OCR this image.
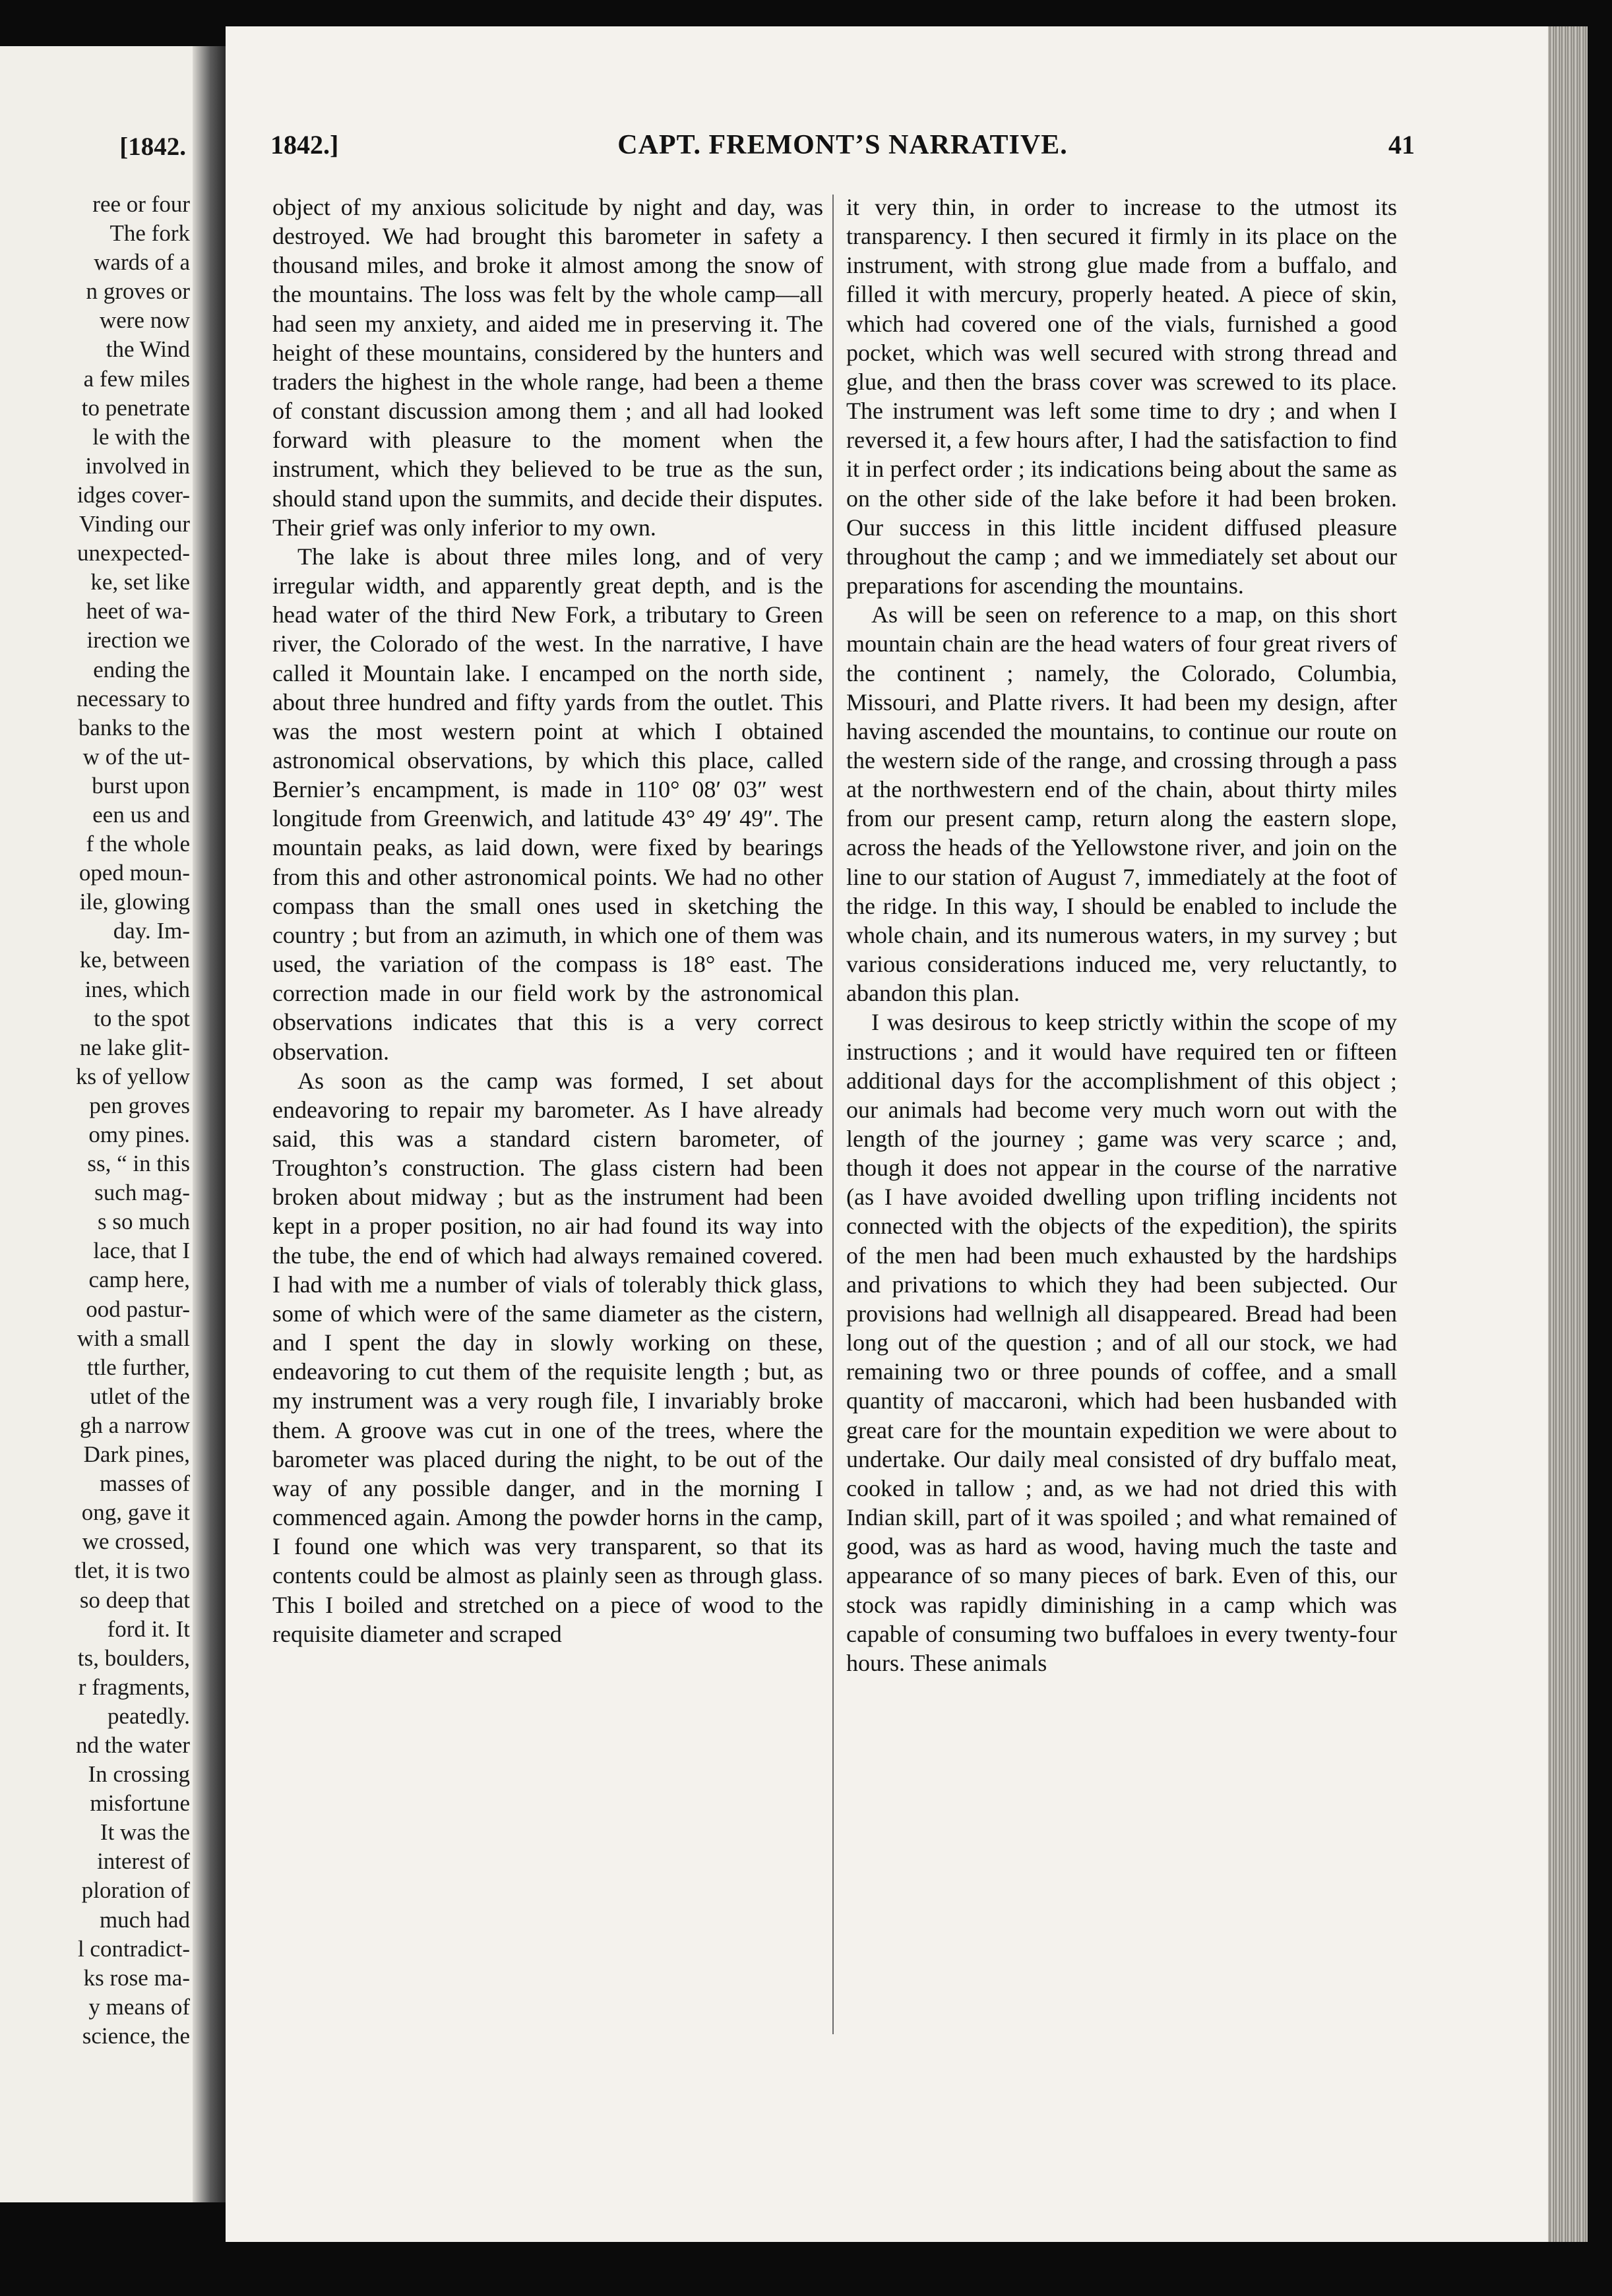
[1842.
ree or four
The fork
wards of a
n groves or
were now
the Wind
a few miles
to penetrate
le with the
involved in
idges cover-
Vinding our
unexpected-
ke, set like
heet of wa-
irection we
ending the
necessary to
banks to the
w of the ut-
burst upon
een us and
f the whole
oped moun-
ile, glowing
day. Im-
ke, between
ines, which
to the spot
ne lake glit-
ks of yellow
pen groves
omy pines.
ss, “ in this
such mag-
s so much
lace, that I
camp here,
ood pastur-
with a small
ttle further,
utlet of the
gh a narrow
Dark pines,
masses of
ong, gave it
we crossed,
tlet, it is two
so deep that
ford it. It
ts, boulders,
r fragments,
peatedly.
nd the water
In crossing
misfortune
It was the
interest of
ploration of
much had
l contradict-
ks rose ma-
y means of
science, the
1842.]	CAPT. FREMONT’S NARRATIVE.	41

object of my anxious solicitude by night and day, was destroyed. We had brought this barometer in safety a thousand miles, and broke it almost among the snow of the mountains. The loss was felt by the whole camp—all had seen my anxiety, and aided me in preserving it. The height of these mountains, considered by the hunters and traders the highest in the whole range, had been a theme of constant discussion among them ; and all had looked forward with pleasure to the moment when the instrument, which they believed to be true as the sun, should stand upon the summits, and decide their disputes. Their grief was only inferior to my own.

The lake is about three miles long, and of very irregular width, and apparently great depth, and is the head water of the third New Fork, a tributary to Green river, the Colorado of the west. In the narrative, I have called it Mountain lake. I encamped on the north side, about three hundred and fifty yards from the outlet. This was the most western point at which I obtained astronomical observations, by which this place, called Bernier’s encampment, is made in 110° 08′ 03″ west longitude from Greenwich, and latitude 43° 49′ 49″. The mountain peaks, as laid down, were fixed by bearings from this and other astronomical points. We had no other compass than the small ones used in sketching the country ; but from an azimuth, in which one of them was used, the variation of the compass is 18° east. The correction made in our field work by the astronomical observations indicates that this is a very correct observation.

As soon as the camp was formed, I set about endeavoring to repair my barometer. As I have already said, this was a standard cistern barometer, of Troughton’s construction. The glass cistern had been broken about midway ; but as the instrument had been kept in a proper position, no air had found its way into the tube, the end of which had always remained covered. I had with me a number of vials of tolerably thick glass, some of which were of the same diameter as the cistern, and I spent the day in slowly working on these, endeavoring to cut them of the requisite length ; but, as my instrument was a very rough file, I invariably broke them. A groove was cut in one of the trees, where the barometer was placed during the night, to be out of the way of any possible danger, and in the morning I commenced again. Among the powder horns in the camp, I found one which was very transparent, so that its contents could be almost as plainly seen as through glass. This I boiled and stretched on a piece of wood to the requisite diameter and scraped

it very thin, in order to increase to the utmost its transparency. I then secured it firmly in its place on the instrument, with strong glue made from a buffalo, and filled it with mercury, properly heated. A piece of skin, which had covered one of the vials, furnished a good pocket, which was well secured with strong thread and glue, and then the brass cover was screwed to its place. The instrument was left some time to dry ; and when I reversed it, a few hours after, I had the satisfaction to find it in perfect order ; its indications being about the same as on the other side of the lake before it had been broken. Our success in this little incident diffused pleasure throughout the camp ; and we immediately set about our preparations for ascending the mountains.

As will be seen on reference to a map, on this short mountain chain are the head waters of four great rivers of the continent ; namely, the Colorado, Columbia, Missouri, and Platte rivers. It had been my design, after having ascended the mountains, to continue our route on the western side of the range, and crossing through a pass at the northwestern end of the chain, about thirty miles from our present camp, return along the eastern slope, across the heads of the Yellowstone river, and join on the line to our station of August 7, immediately at the foot of the ridge. In this way, I should be enabled to include the whole chain, and its numerous waters, in my survey ; but various considerations induced me, very reluctantly, to abandon this plan.

I was desirous to keep strictly within the scope of my instructions ; and it would have required ten or fifteen additional days for the accomplishment of this object ; our animals had become very much worn out with the length of the journey ; game was very scarce ; and, though it does not appear in the course of the narrative (as I have avoided dwelling upon trifling incidents not connected with the objects of the expedition), the spirits of the men had been much exhausted by the hardships and privations to which they had been subjected. Our provisions had wellnigh all disappeared. Bread had been long out of the question ; and of all our stock, we had remaining two or three pounds of coffee, and a small quantity of maccaroni, which had been husbanded with great care for the mountain expedition we were about to undertake. Our daily meal consisted of dry buffalo meat, cooked in tallow ; and, as we had not dried this with Indian skill, part of it was spoiled ; and what remained of good, was as hard as wood, having much the taste and appearance of so many pieces of bark. Even of this, our stock was rapidly diminishing in a camp which was capable of consuming two buffaloes in every twenty-four hours. These animals
